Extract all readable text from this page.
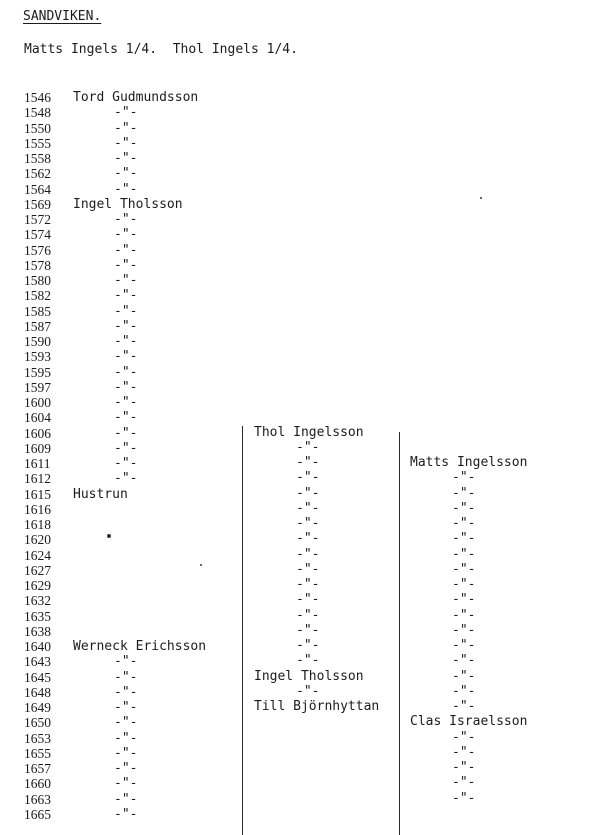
SANDVIKEN.
Matts Ingels 1/4.  Thol Ingels 1/4.
1546
1548
1550
1555
1558
1562
1564
1569
1572
1574
1576
1578
1580
1582
1585
1587
1590
1593
1595
1597
1600
1604
1606
1609
1611
1612
1615
1616
1618
1620
1624
1627
1629
1632
1635
1638
1640
1643
1645
1648
1649
1650
1653
1655
1657
1660
1663
1665
Tord Gudmundsson
-"-
-"-
-"-
-"-
-"-
-"-
Ingel Tholsson
-"-
-"-
-"-
-"-
-"-
-"-
-"-
-"-
-"-
-"-
-"-
-"-
-"-
-"-
-"-
-"-
-"-
-"-
Hustrun
Werneck Erichsson
-"-
-"-
-"-
-"-
-"-
-"-
-"-
-"-
-"-
-"-
-"-
Thol Ingelsson
-"-
-"-
-"-
-"-
-"-
-"-
-"-
-"-
-"-
-"-
-"-
-"-
-"-
-"-
-"-
Ingel Tholsson
-"-
Till Björnhyttan
Matts Ingelsson
-"-
-"-
-"-
-"-
-"-
-"-
-"-
-"-
-"-
-"-
-"-
-"-
-"-
-"-
-"-
-"-
Clas Israelsson
-"-
-"-
-"-
-"-
-"-
